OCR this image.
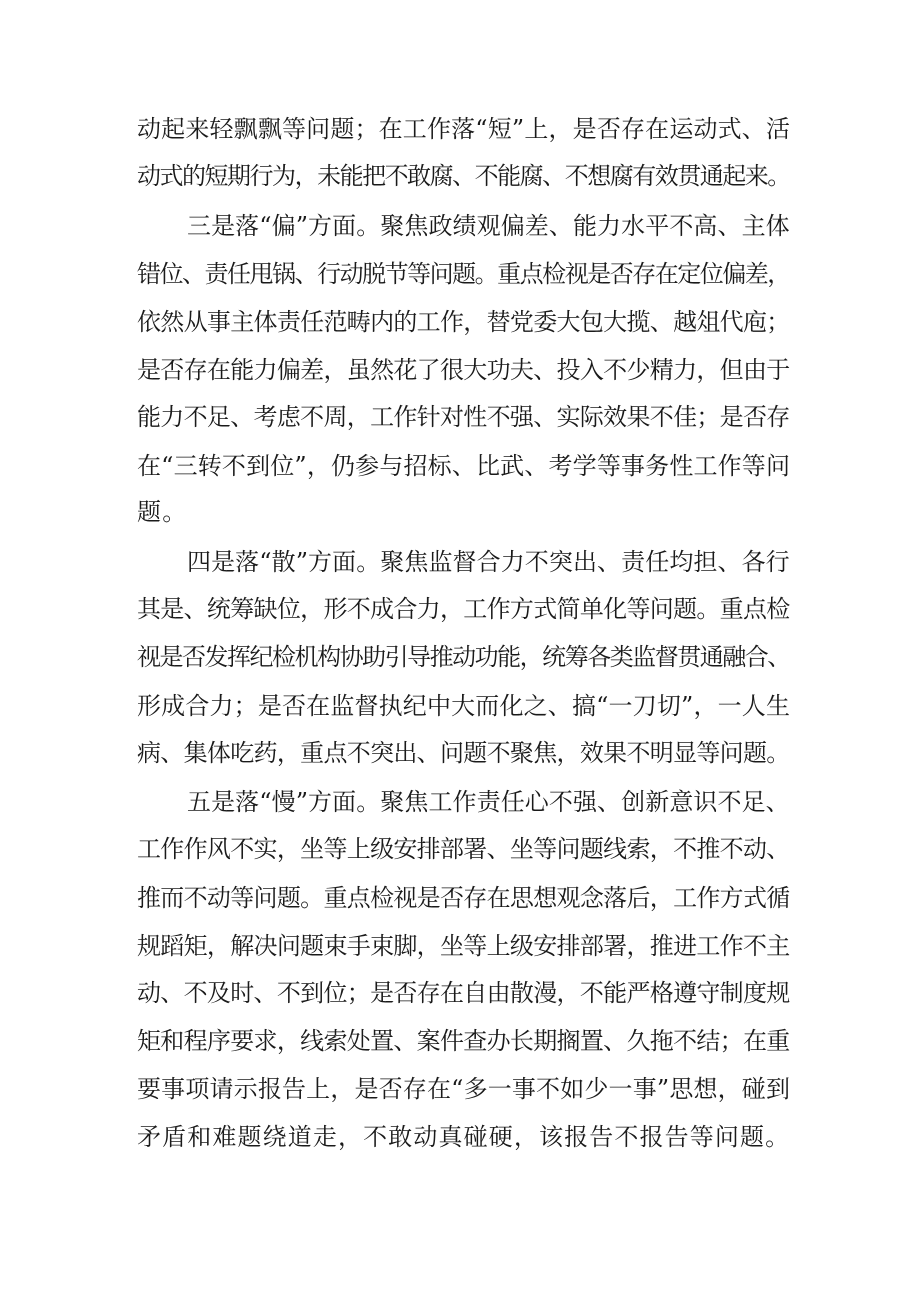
动起来轻飘飘等问题；在工作落“短”上，是否存在运动式、活
动式的短期行为，未能把不敢腐、不能腐、不想腐有效贯通起来。
三是落“偏”方面。聚焦政绩观偏差、能力水平不高、主体
错位、责任甩锅、行动脱节等问题。重点检视是否存在定位偏差，
依然从事主体责任范畴内的工作，替党委大包大揽、越俎代庖；
是否存在能力偏差，虽然花了很大功夫、投入不少精力，但由于
能力不足、考虑不周，工作针对性不强、实际效果不佳；是否存
在“三转不到位”，仍参与招标、比武、考学等事务性工作等问
题。
四是落“散”方面。聚焦监督合力不突出、责任均担、各行
其是、统筹缺位，形不成合力，工作方式简单化等问题。重点检
视是否发挥纪检机构协助引导推动功能，统筹各类监督贯通融合、
形成合力；是否在监督执纪中大而化之、搞“一刀切”，一人生
病、集体吃药，重点不突出、问题不聚焦，效果不明显等问题。
五是落“慢”方面。聚焦工作责任心不强、创新意识不足、
工作作风不实，坐等上级安排部署、坐等问题线索，不推不动、
推而不动等问题。重点检视是否存在思想观念落后，工作方式循
规蹈矩，解决问题束手束脚，坐等上级安排部署，推进工作不主
动、不及时、不到位；是否存在自由散漫，不能严格遵守制度规
矩和程序要求，线索处置、案件查办长期搁置、久拖不结；在重
要事项请示报告上，是否存在“多一事不如少一事”思想，碰到
矛盾和难题绕道走，不敢动真碰硬，该报告不报告等问题。
